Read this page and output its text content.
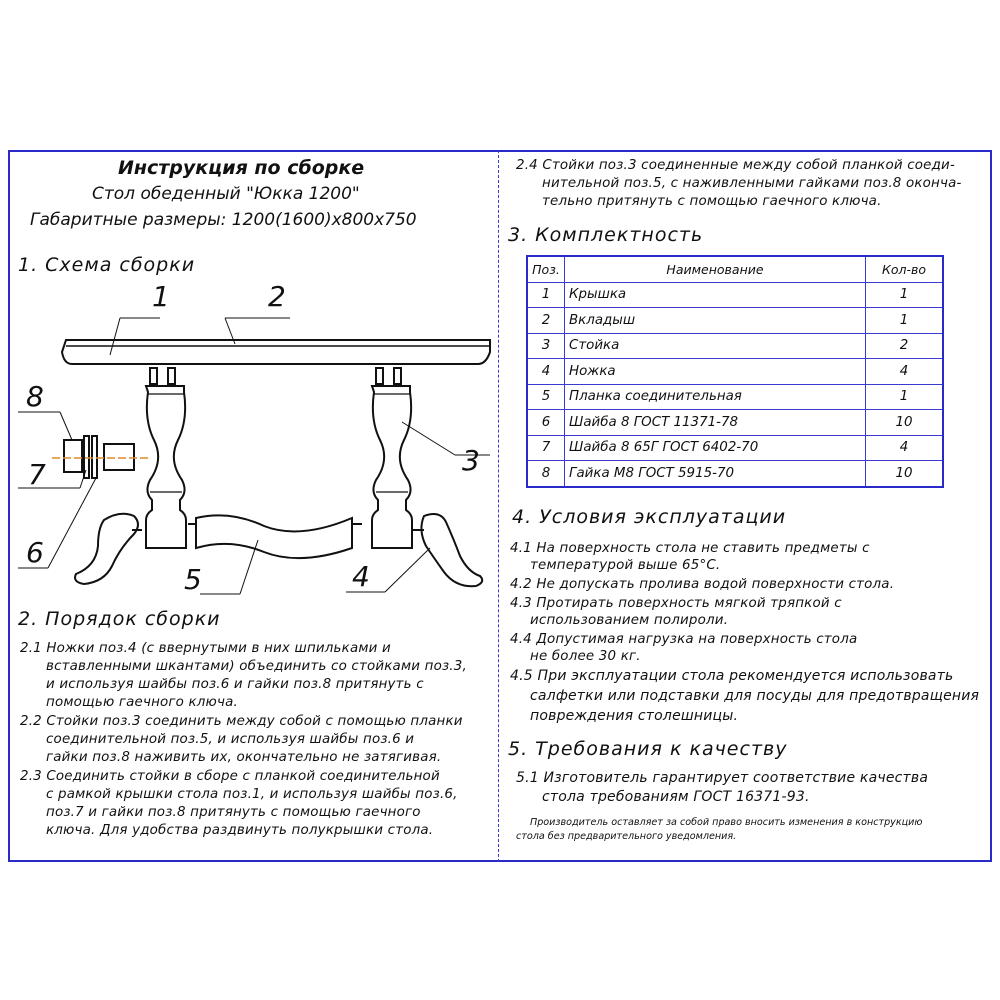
Инструкция по сборке
Стол обеденный "Юкка 1200"
Габаритные размеры: 1200(1600)x800x750
1. Схема сборки
1	2
3
4
5
6
7
8
2. Порядок сборки
2.1 Ножки поз.4 (с ввернутыми в них шпильками и
вставленными шкантами) объединить со стойками поз.3,
и используя шайбы поз.6 и гайки поз.8 притянуть с
помощью гаечного ключа.
2.2 Стойки поз.3 соединить между собой с помощью планки
соединительной поз.5, и используя шайбы поз.6 и
гайки поз.8 наживить их, окончательно не затягивая.
2.3 Соединить стойки в сборе с планкой соединительной
с рамкой крышки стола поз.1, и используя шайбы поз.6,
поз.7 и гайки поз.8 притянуть с помощью гаечного
ключа. Для удобства раздвинуть полукрышки стола.
2.4 Стойки поз.3 соединенные между собой планкой соеди-
нительной поз.5, с наживленными гайками поз.8 оконча-
тельно притянуть с помощью гаечного ключа.
3. Комплектность
Поз.	Наименование	Кол-во
1	Крышка	1
2	Вкладыш	1
3	Стойка	2
4	Ножка	4
5	Планка соединительная	1
6	Шайба 8 ГОСТ 11371-78	10
7	Шайба 8 65Г ГОСТ 6402-70	4
8	Гайка М8 ГОСТ 5915-70	10
4. Условия эксплуатации
4.1 На поверхность стола не ставить предметы с
температурой выше 65°С.
4.2 Не допускать пролива водой поверхности стола.
4.3 Протирать поверхность мягкой тряпкой с
использованием полироли.
4.4 Допустимая нагрузка на поверхность стола
не более 30 кг.
4.5 При эксплуатации стола рекомендуется использовать
салфетки или подставки для посуды для предотвращения
повреждения столешницы.
5. Требования к качеству
5.1 Изготовитель гарантирует соответствие качества
стола требованиям ГОСТ 16371-93.
Производитель оставляет за собой право вносить изменения в конструкцию
стола без предварительного уведомления.
